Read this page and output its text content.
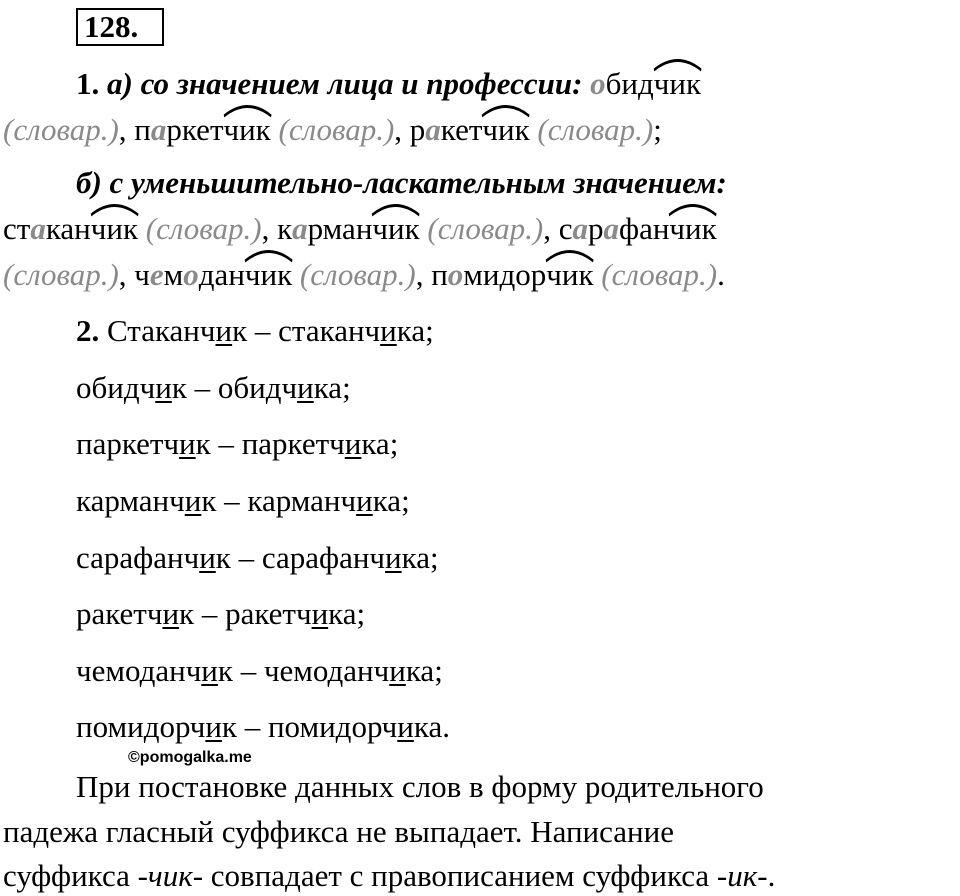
128.
1. а) со значением лица и профессии: обид
чик
(словар.), паркет
чик (словар.), ракет
чик (словар.);
б) с уменьшительно-ласкательным значением:
стакан
чик (словар.), карман
чик (словар.), сарафан
чик
(словар.), чемодан
чик (словар.), помидор
чик (словар.).
2. Стаканчик – стаканчика;
обидчик – обидчика;
паркетчик – паркетчика;
карманчик – карманчика;
сарафанчик – сарафанчика;
ракетчик – ракетчика;
чемоданчик – чемоданчика;
помидорчик – помидорчика.
©pomogalka.me
При постановке данных слов в форму родительного
падежа гласный суффикса не выпадает. Написание
суффикса -чик- совпадает с правописанием суффикса -ик-.
